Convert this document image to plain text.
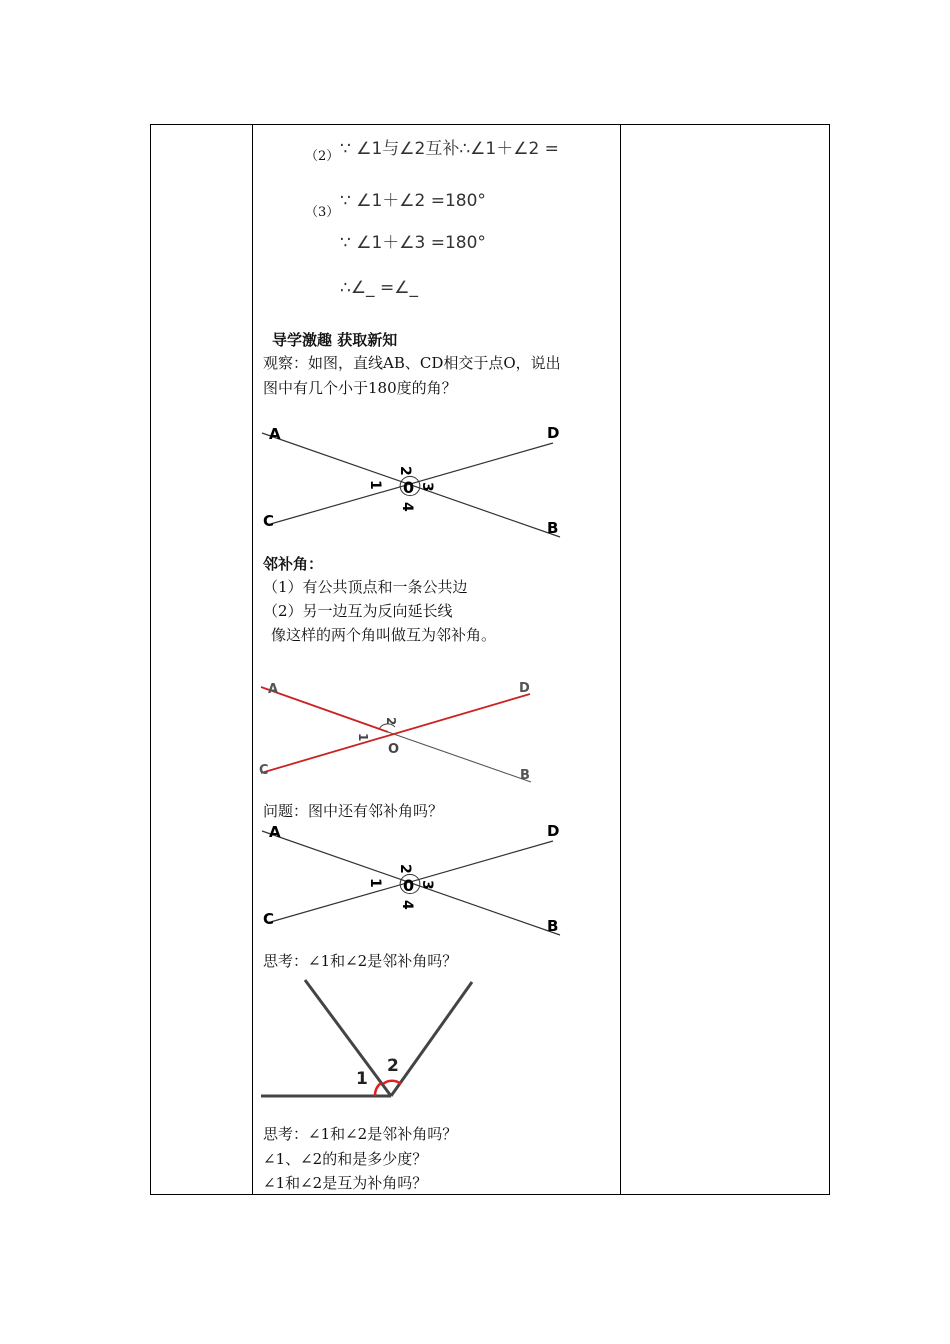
（2） ∵ ∠1与∠2互补∴∠1＋∠2 =
（3）
∵ ∠1＋∠2 =180°
∵ ∠1＋∠3 =180°
∴∠_ =∠_
导学激趣 获取新知
观察：如图，直线AB、CD相交于点O，说出
图中有几个小于180度的角？
A	D
C	B
0
1
2
3
4
邻补角：
（1）有公共顶点和一条公共边
（2）另一边互为反向延长线
像这样的两个角叫做互为邻补角。
A	D
C	B
O
1
2
问题：图中还有邻补角吗？
A	D
C	B
0
1
2
3
4
思考：∠1和∠2是邻补角吗？
1
2
思考：∠1和∠2是邻补角吗？
∠1、∠2的和是多少度？
∠1和∠2是互为补角吗？
